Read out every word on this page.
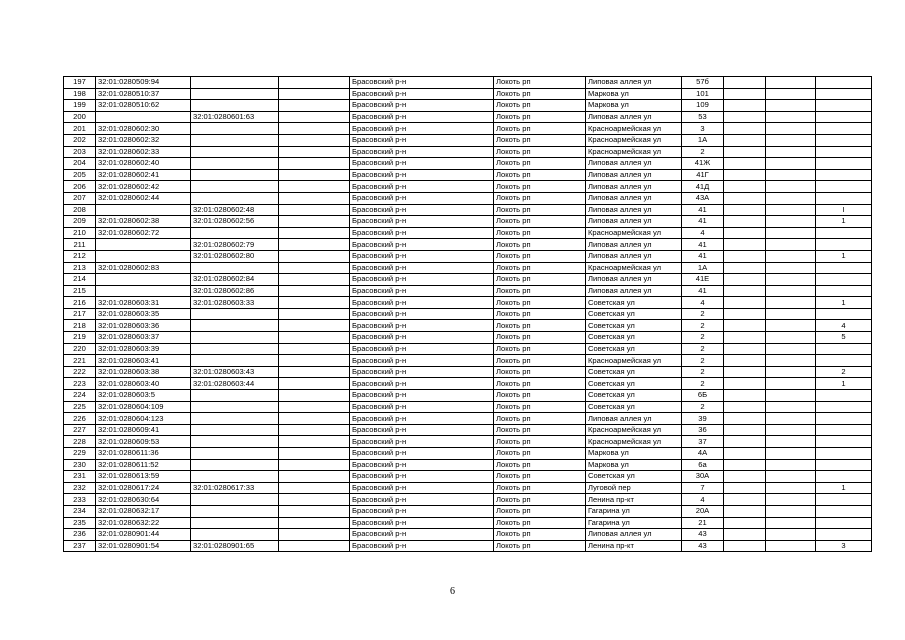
197	32:01:0280509:94			Брасовский р-н	Локоть рп	Липовая аллея ул	57б			
198	32:01:0280510:37			Брасовский р-н	Локоть рп	Маркова ул	101			
199	32:01:0280510:62			Брасовский р-н	Локоть рп	Маркова ул	109			
200		32:01:0280601:63		Брасовский р-н	Локоть рп	Липовая аллея ул	53			
201	32:01:0280602:30			Брасовский р-н	Локоть рп	Красноармейская ул	3			
202	32:01:0280602:32			Брасовский р-н	Локоть рп	Красноармейская ул	1А			
203	32:01:0280602:33			Брасовский р-н	Локоть рп	Красноармейская ул	2			
204	32:01:0280602:40			Брасовский р-н	Локоть рп	Липовая аллея ул	41Ж			
205	32:01:0280602:41			Брасовский р-н	Локоть рп	Липовая аллея ул	41Г			
206	32:01:0280602:42			Брасовский р-н	Локоть рп	Липовая аллея ул	41Д			
207	32:01:0280602:44			Брасовский р-н	Локоть рп	Липовая аллея ул	43А			
208		32:01:0280602:48		Брасовский р-н	Локоть рп	Липовая аллея ул	41			I
209	32:01:0280602:38	32:01:0280602:56		Брасовский р-н	Локоть рп	Липовая аллея ул	41			1
210	32:01:0280602:72			Брасовский р-н	Локоть рп	Красноармейская ул	4			
211		32:01:0280602:79		Брасовский р-н	Локоть рп	Липовая аллея ул	41			
212		32:01:0280602:80		Брасовский р-н	Локоть рп	Липовая аллея ул	41			1
213	32:01:0280602:83			Брасовский р-н	Локоть рп	Красноармейская ул	1А			
214		32:01:0280602:84		Брасовский р-н	Локоть рп	Липовая аллея ул	41Е			
215		32:01:0280602:86		Брасовский р-н	Локоть рп	Липовая аллея ул	41			
216	32:01:0280603:31	32:01:0280603:33		Брасовский р-н	Локоть рп	Советская ул	4			1
217	32:01:0280603:35			Брасовский р-н	Локоть рп	Советская ул	2			
218	32:01:0280603:36			Брасовский р-н	Локоть рп	Советская ул	2			4
219	32:01:0280603:37			Брасовский р-н	Локоть рп	Советская ул	2			5
220	32:01:0280603:39			Брасовский р-н	Локоть рп	Советская ул	2			
221	32:01:0280603:41			Брасовский р-н	Локоть рп	Красноармейская ул	2			
222	32:01:0280603:38	32:01:0280603:43		Брасовский р-н	Локоть рп	Советская ул	2			2
223	32:01:0280603:40	32:01:0280603:44		Брасовский р-н	Локоть рп	Советская ул	2			1
224	32:01:0280603:5			Брасовский р-н	Локоть рп	Советская ул	6Б			
225	32:01:0280604:109			Брасовский р-н	Локоть рп	Советская ул	2			
226	32:01:0280604:123			Брасовский р-н	Локоть рп	Липовая аллея ул	39			
227	32:01:0280609:41			Брасовский р-н	Локоть рп	Красноармейская ул	36			
228	32:01:0280609:53			Брасовский р-н	Локоть рп	Красноармейская ул	37			
229	32:01:0280611:36			Брасовский р-н	Локоть рп	Маркова ул	4А			
230	32:01:0280611:52			Брасовский р-н	Локоть рп	Маркова ул	6а			
231	32:01:0280613:59			Брасовский р-н	Локоть рп	Советская ул	30А			
232	32:01:0280617:24	32:01:0280617:33		Брасовский р-н	Локоть рп	Луговой пер	7			1
233	32:01:0280630:64			Брасовский р-н	Локоть рп	Ленина пр-кт	4			
234	32:01:0280632:17			Брасовский р-н	Локоть рп	Гагарина ул	20А			
235	32:01:0280632:22			Брасовский р-н	Локоть рп	Гагарина ул	21			
236	32:01:0280901:44			Брасовский р-н	Локоть рп	Липовая аллея ул	43			
237	32:01:0280901:54	32:01:0280901:65		Брасовский р-н	Локоть рп	Ленина пр-кт	43			3
6
